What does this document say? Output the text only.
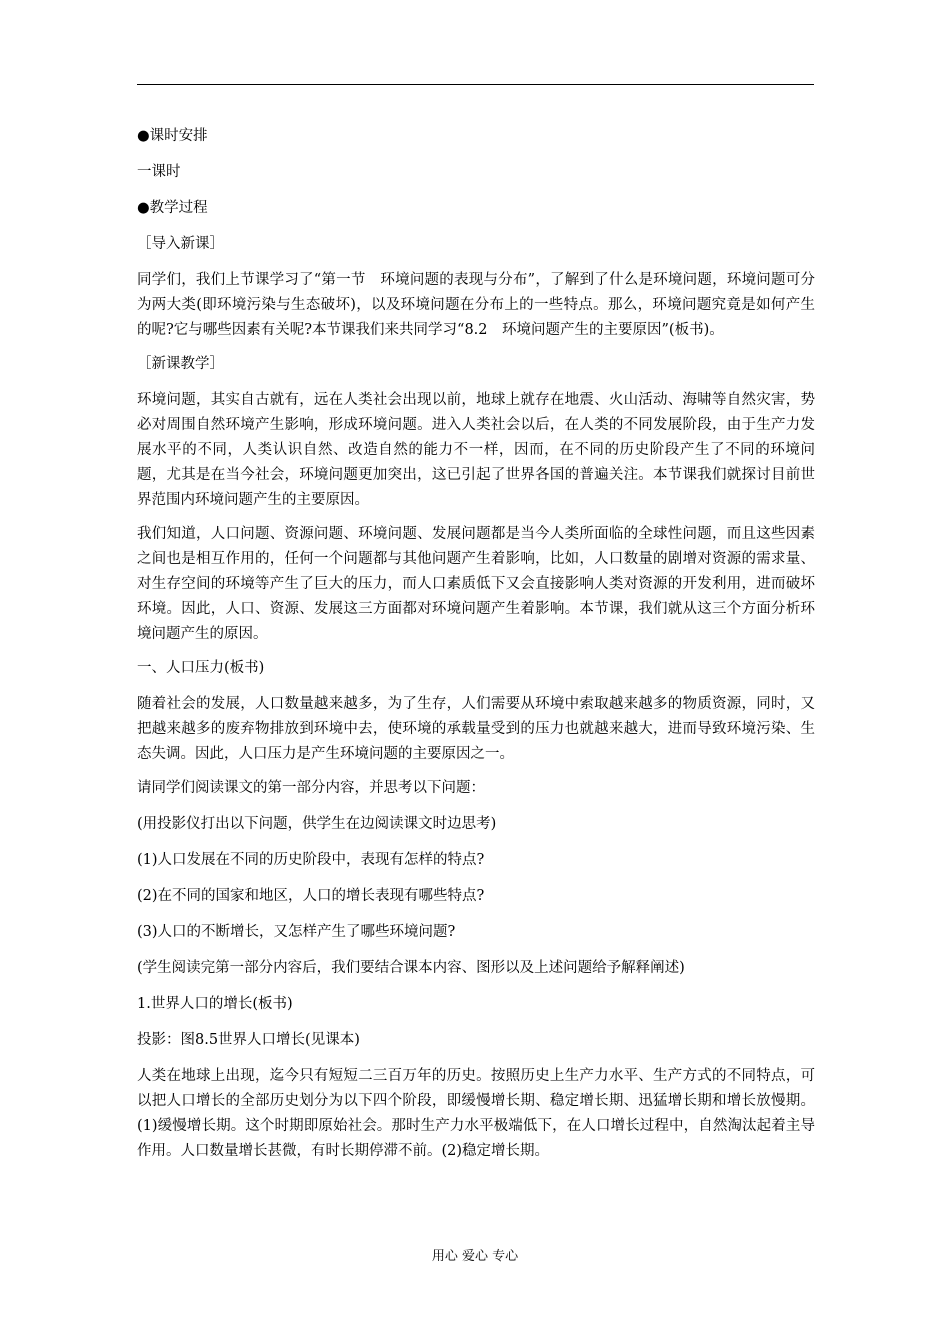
●课时安排

一课时

●教学过程

［导入新课］

同学们，我们上节课学习了“第一节　环境问题的表现与分布”，了解到了什么是环境问题，环境问题可分为两大类(即环境污染与生态破坏)，以及环境问题在分布上的一些特点。那么，环境问题究竟是如何产生的呢?它与哪些因素有关呢?本节课我们来共同学习“8.2　环境问题产生的主要原因”(板书)。

［新课教学］

环境问题，其实自古就有，远在人类社会出现以前，地球上就存在地震、火山活动、海啸等自然灾害，势必对周围自然环境产生影响，形成环境问题。进入人类社会以后，在人类的不同发展阶段，由于生产力发展水平的不同，人类认识自然、改造自然的能力不一样，因而，在不同的历史阶段产生了不同的环境问题，尤其是在当今社会，环境问题更加突出，这已引起了世界各国的普遍关注。本节课我们就探讨目前世界范围内环境问题产生的主要原因。

我们知道，人口问题、资源问题、环境问题、发展问题都是当今人类所面临的全球性问题，而且这些因素之间也是相互作用的，任何一个问题都与其他问题产生着影响，比如，人口数量的剧增对资源的需求量、对生存空间的环境等产生了巨大的压力，而人口素质低下又会直接影响人类对资源的开发利用，进而破坏环境。因此，人口、资源、发展这三方面都对环境问题产生着影响。本节课，我们就从这三个方面分析环境问题产生的原因。

一、人口压力(板书)

随着社会的发展，人口数量越来越多，为了生存，人们需要从环境中索取越来越多的物质资源，同时，又把越来越多的废弃物排放到环境中去，使环境的承载量受到的压力也就越来越大，进而导致环境污染、生态失调。因此，人口压力是产生环境问题的主要原因之一。

请同学们阅读课文的第一部分内容，并思考以下问题：

(用投影仪打出以下问题，供学生在边阅读课文时边思考)

(1)人口发展在不同的历史阶段中，表现有怎样的特点?

(2)在不同的国家和地区，人口的增长表现有哪些特点?

(3)人口的不断增长，又怎样产生了哪些环境问题?

(学生阅读完第一部分内容后，我们要结合课本内容、图形以及上述问题给予解释阐述)

1.世界人口的增长(板书)

投影：图8.5世界人口增长(见课本)

人类在地球上出现，迄今只有短短二三百万年的历史。按照历史上生产力水平、生产方式的不同特点，可以把人口增长的全部历史划分为以下四个阶段，即缓慢增长期、稳定增长期、迅猛增长期和增长放慢期。(1)缓慢增长期。这个时期即原始社会。那时生产力水平极端低下，在人口增长过程中，自然淘汰起着主导作用。人口数量增长甚微，有时长期停滞不前。(2)稳定增长期。

用心 爱心 专心
